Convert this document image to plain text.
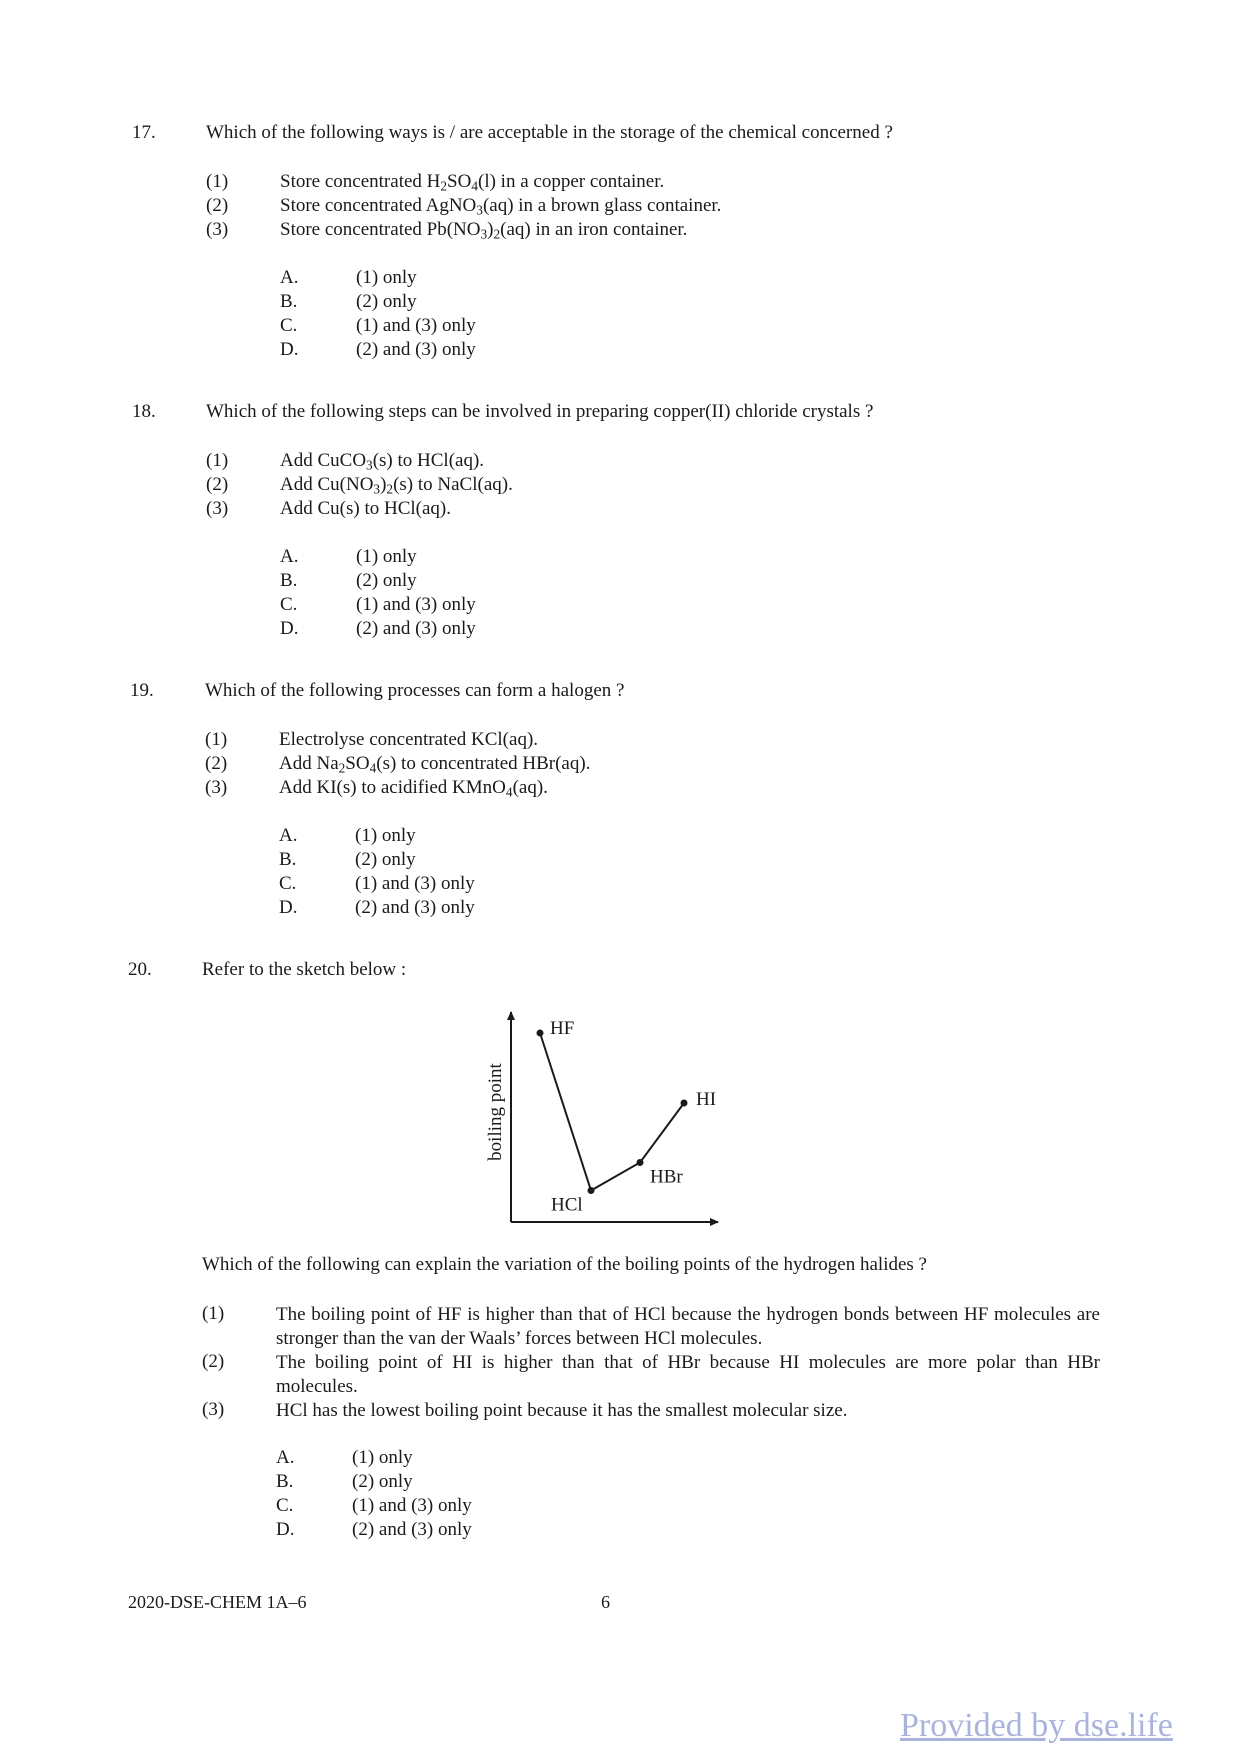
17.	Which of the following ways is / are acceptable in the storage of the chemical concerned ?
(1)	Store concentrated $H_2SO_4(l)$ in a copper container.
(2)	Store concentrated AgNO$_3$(aq) in a brown glass container.
(3)	Store concentrated $Pb(NO_3)_2(aq)$ in an iron container.
A.	(1) only
B.	(2) only
C.	(1) and (3) only
D.	(2) and (3) only
18.	Which of the following steps can be involved in preparing copper(II) chloride crystals ?
(1)	Add CuCO$_3$(s) to HCl(aq).
(2)	Add $Cu(NO_3)_2(s)$ to NaCl(aq).
(3)	Add Cu(s) to HCl(aq).
A.	(1) only
B.	(2) only
C.	(1) and (3) only
D.	(2) and (3) only
19.	Which of the following processes can form a halogen ?
(1)	Electrolyse concentrated KCl(aq).
(2)	Add $Na_2SO_4(s)$ to concentrated HBr(aq).
(3)	Add KI(s) to acidified KMnO$_4$(aq).
A.	(1) only
B.	(2) only
C.	(1) and (3) only
D.	(2) and (3) only
20.	Refer to the sketch below :
boiling point
HF
HCl
HBr
HI
Which of the following can explain the variation of the boiling points of the hydrogen halides ?
(1)	The boiling point of HF is higher than that of HCl because the hydrogen bonds between HF molecules are stronger than the van der Waals’ forces between HCl molecules.
(2)	The boiling point of HI is higher than that of HBr because HI molecules are more polar than HBr molecules.
(3)	HCl has the lowest boiling point because it has the smallest molecular size.
A.	(1) only
B.	(2) only
C.	(1) and (3) only
D.	(2) and (3) only
2020-DSE-CHEM 1A–6	6
Provided by dse.life
